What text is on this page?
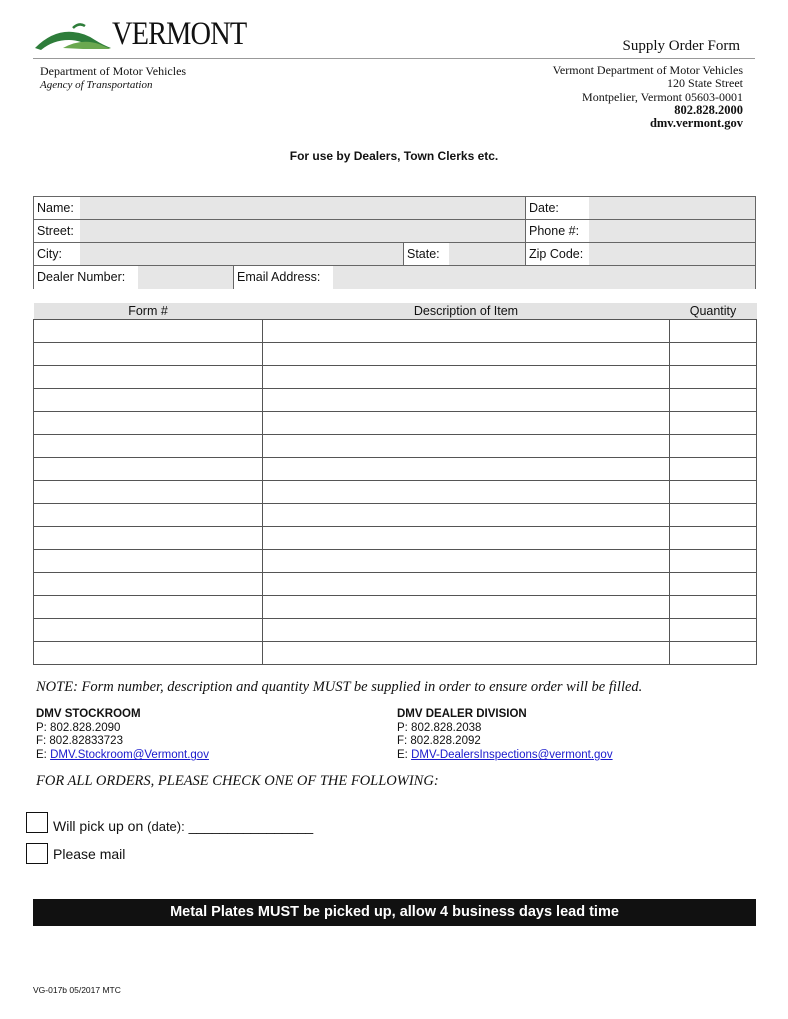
VERMONT	Supply Order Form
Department of Motor Vehicles
Agency of Transportation
Vermont Department of Motor Vehicles
120 State Street
Montpelier, Vermont 05603-0001
802.828.2000
dmv.vermont.gov
For use by Dealers, Town Clerks etc.
Name:	Date:
Street:	Phone #:
City:	State:	Zip Code:
Dealer Number:	Email Address:
Form #	Description of Item	Quantity

NOTE: Form number, description and quantity MUST be supplied in order to ensure order will be filled.
DMV STOCKROOM
P: 802.828.2090
F: 802.82833723
E: DMV.Stockroom@Vermont.gov
DMV DEALER DIVISION
P: 802.828.2038
F: 802.828.2092
E: DMV-DealersInspections@vermont.gov
FOR ALL ORDERS, PLEASE CHECK ONE OF THE FOLLOWING:
Will pick up on (date): ________________
Please mail
Metal Plates MUST be picked up, allow 4 business days lead time
VG-017b 05/2017 MTC
